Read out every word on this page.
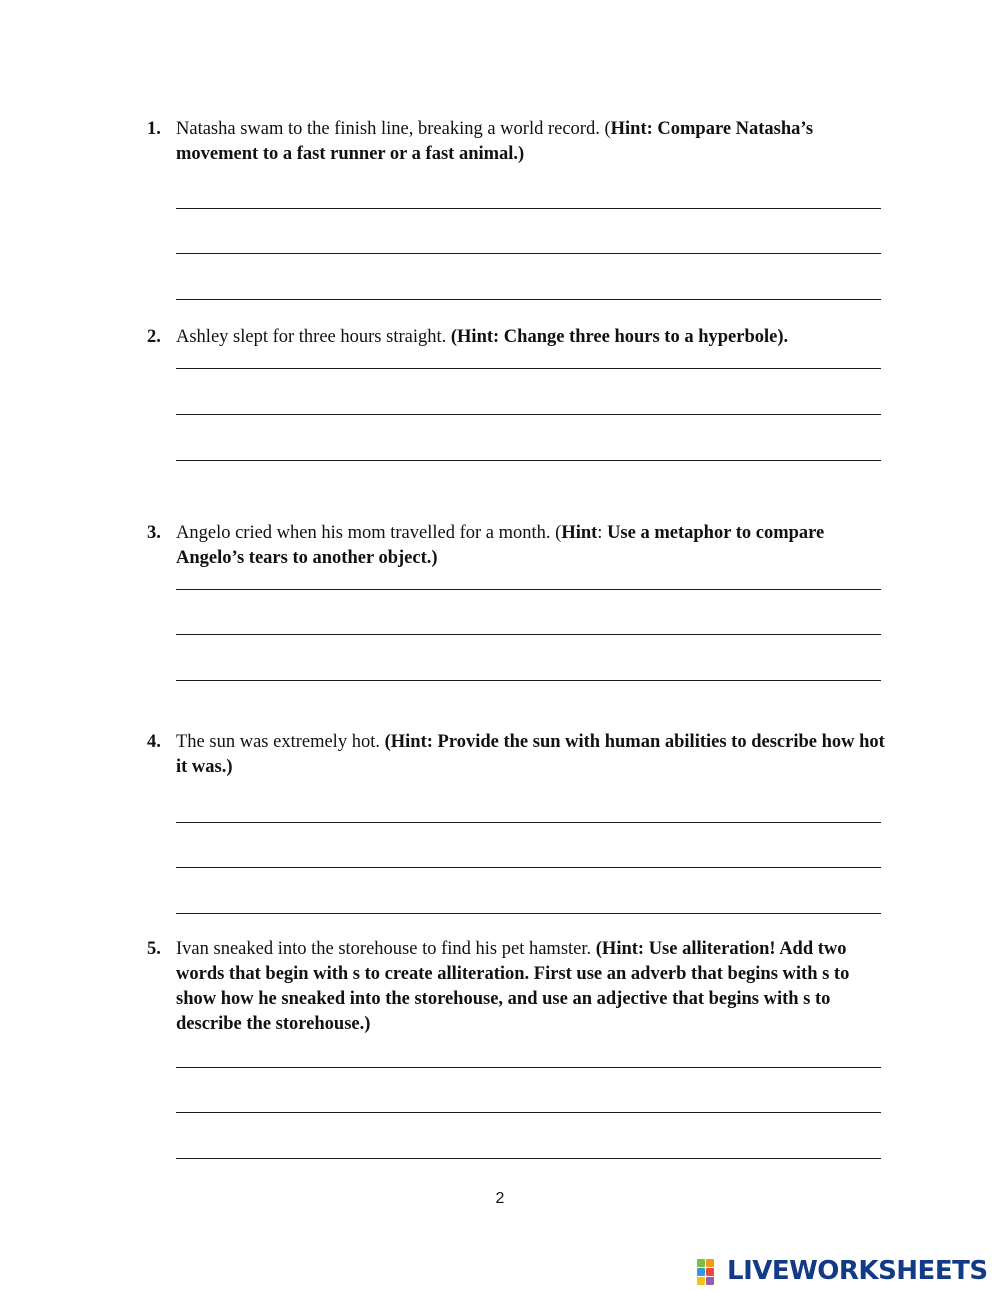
1. Natasha swam to the finish line, breaking a world record. (Hint: Compare Natasha’s movement to a fast runner or a fast animal.)

2. Ashley slept for three hours straight. (Hint: Change three hours to a hyperbole).

3. Angelo cried when his mom travelled for a month. (Hint: Use a metaphor to compare Angelo’s tears to another object.)

4. The sun was extremely hot. (Hint: Provide the sun with human abilities to describe how hot it was.)

5. Ivan sneaked into the storehouse to find his pet hamster. (Hint: Use alliteration! Add two words that begin with s to create alliteration. First use an adverb that begins with s to show how he sneaked into the storehouse, and use an adjective that begins with s to describe the storehouse.)

2
LIVEWORKSHEETS
